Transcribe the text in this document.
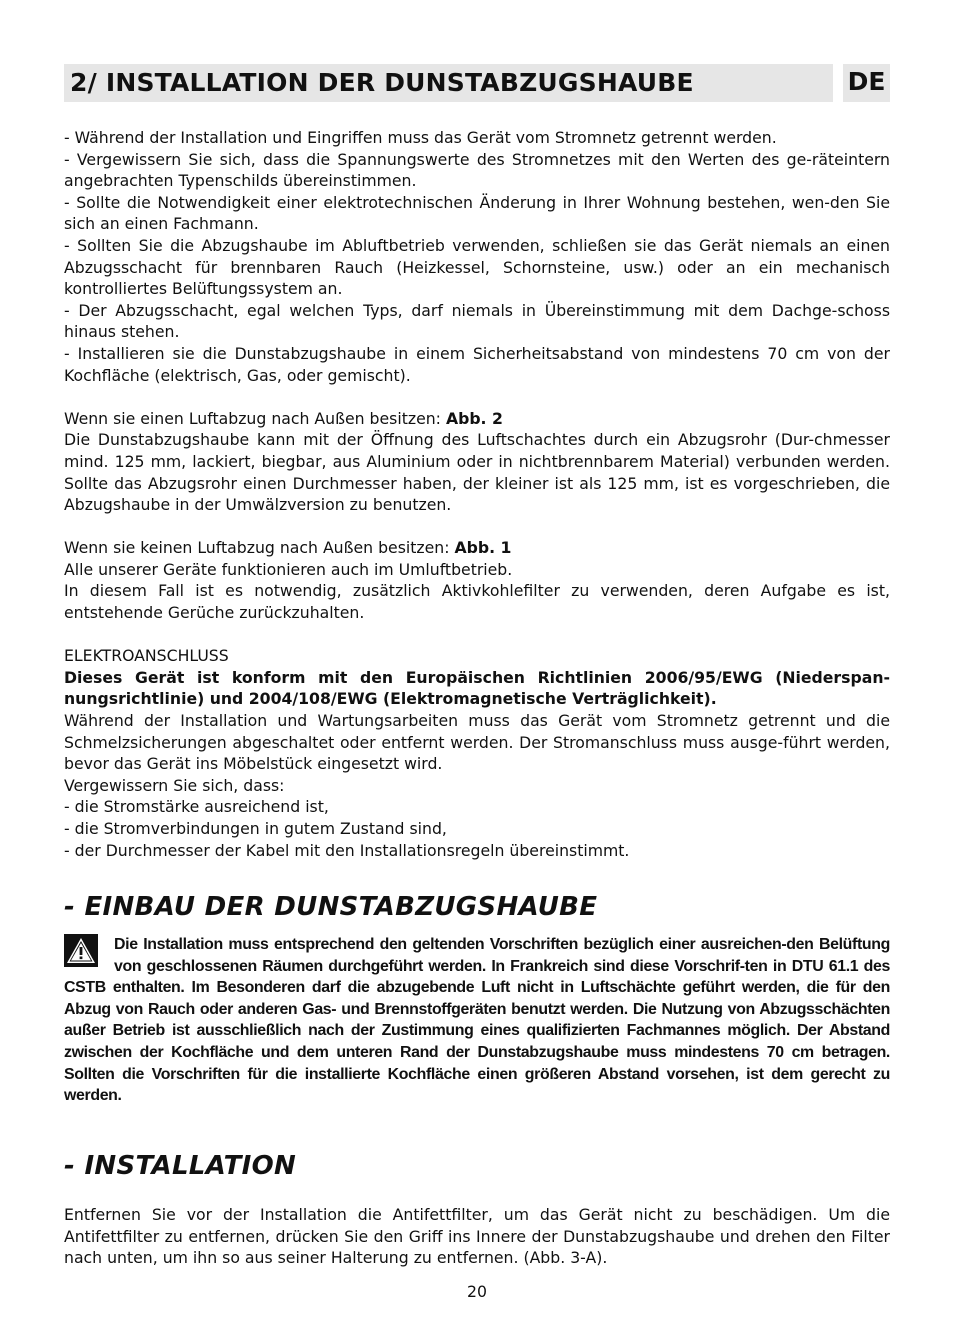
2/ INSTALLATION DER DUNSTABZUGSHAUBE	DE

- Während der Installation und Eingriffen muss das Gerät vom Stromnetz getrennt werden.

- Vergewissern Sie sich, dass die Spannungswerte des Stromnetzes mit den Werten des ge-räteintern angebrachten Typenschilds übereinstimmen.

- Sollte die Notwendigkeit einer elektrotechnischen Änderung in Ihrer Wohnung bestehen, wen-den Sie sich an einen Fachmann.

- Sollten Sie die Abzugshaube im Abluftbetrieb verwenden, schließen sie das Gerät niemals an einen Abzugsschacht für brennbaren Rauch (Heizkessel, Schornsteine, usw.) oder an ein mechanisch kontrolliertes Belüftungssystem an.

- Der Abzugsschacht, egal welchen Typs, darf niemals in Übereinstimmung mit dem Dachge-schoss hinaus stehen.

- Installieren sie die Dunstabzugshaube in einem Sicherheitsabstand von mindestens 70 cm von der Kochfläche (elektrisch, Gas, oder gemischt).

Wenn sie einen Luftabzug nach Außen besitzen: Abb. 2

Die Dunstabzugshaube kann mit der Öffnung des Luftschachtes durch ein Abzugsrohr (Dur-chmesser mind. 125 mm, lackiert, biegbar, aus Aluminium oder in nichtbrennbarem Material) verbunden werden. Sollte das Abzugsrohr einen Durchmesser haben, der kleiner ist als 125 mm, ist es vorgeschrieben, die Abzugshaube in der Umwälzversion zu benutzen.

Wenn sie keinen Luftabzug nach Außen besitzen: Abb. 1

Alle unserer Geräte funktionieren auch im Umluftbetrieb.

In diesem Fall ist es notwendig, zusätzlich Aktivkohlefilter zu verwenden, deren Aufgabe es ist, entstehende Gerüche zurückzuhalten.

ELEKTROANSCHLUSS

Dieses Gerät ist konform mit den Europäischen Richtlinien 2006/95/EWG (Niederspan-nungsrichtlinie) und 2004/108/EWG (Elektromagnetische Verträglichkeit).

Während der Installation und Wartungsarbeiten muss das Gerät vom Stromnetz getrennt und die Schmelzsicherungen abgeschaltet oder entfernt werden. Der Stromanschluss muss ausge-führt werden, bevor das Gerät ins Möbelstück eingesetzt wird.

Vergewissern Sie sich, dass:

- die Stromstärke ausreichend ist,

- die Stromverbindungen in gutem Zustand sind,

- der Durchmesser der Kabel mit den Installationsregeln übereinstimmt.

- EINBAU DER DUNSTABZUGSHAUBE
Die Installation muss entsprechend den geltenden Vorschriften bezüglich einer ausreichen-den Belüftung von geschlossenen Räumen durchgeführt werden. In Frankreich sind diese Vorschrif-ten in DTU 61.1 des CSTB enthalten. Im Besonderen darf die abzugebende Luft nicht in Luftschächte geführt werden, die für den Abzug von Rauch oder anderen Gas- und Brennstoffgeräten benutzt werden. Die Nutzung von Abzugsschächten außer Betrieb ist ausschließlich nach der Zustimmung eines qualifizierten Fachmannes möglich. Der Abstand zwischen der Kochfläche und dem unteren Rand der Dunstabzugshaube muss mindestens 70 cm betragen. Sollten die Vorschriften für die installierte Kochfläche einen größeren Abstand vorsehen, ist dem gerecht zu werden.
- INSTALLATION

Entfernen Sie vor der Installation die Antifettfilter, um das Gerät nicht zu beschädigen. Um die Antifettfilter zu entfernen, drücken Sie den Griff ins Innere der Dunstabzugshaube und drehen den Filter nach unten, um ihn so aus seiner Halterung zu entfernen. (Abb. 3-A).

20
